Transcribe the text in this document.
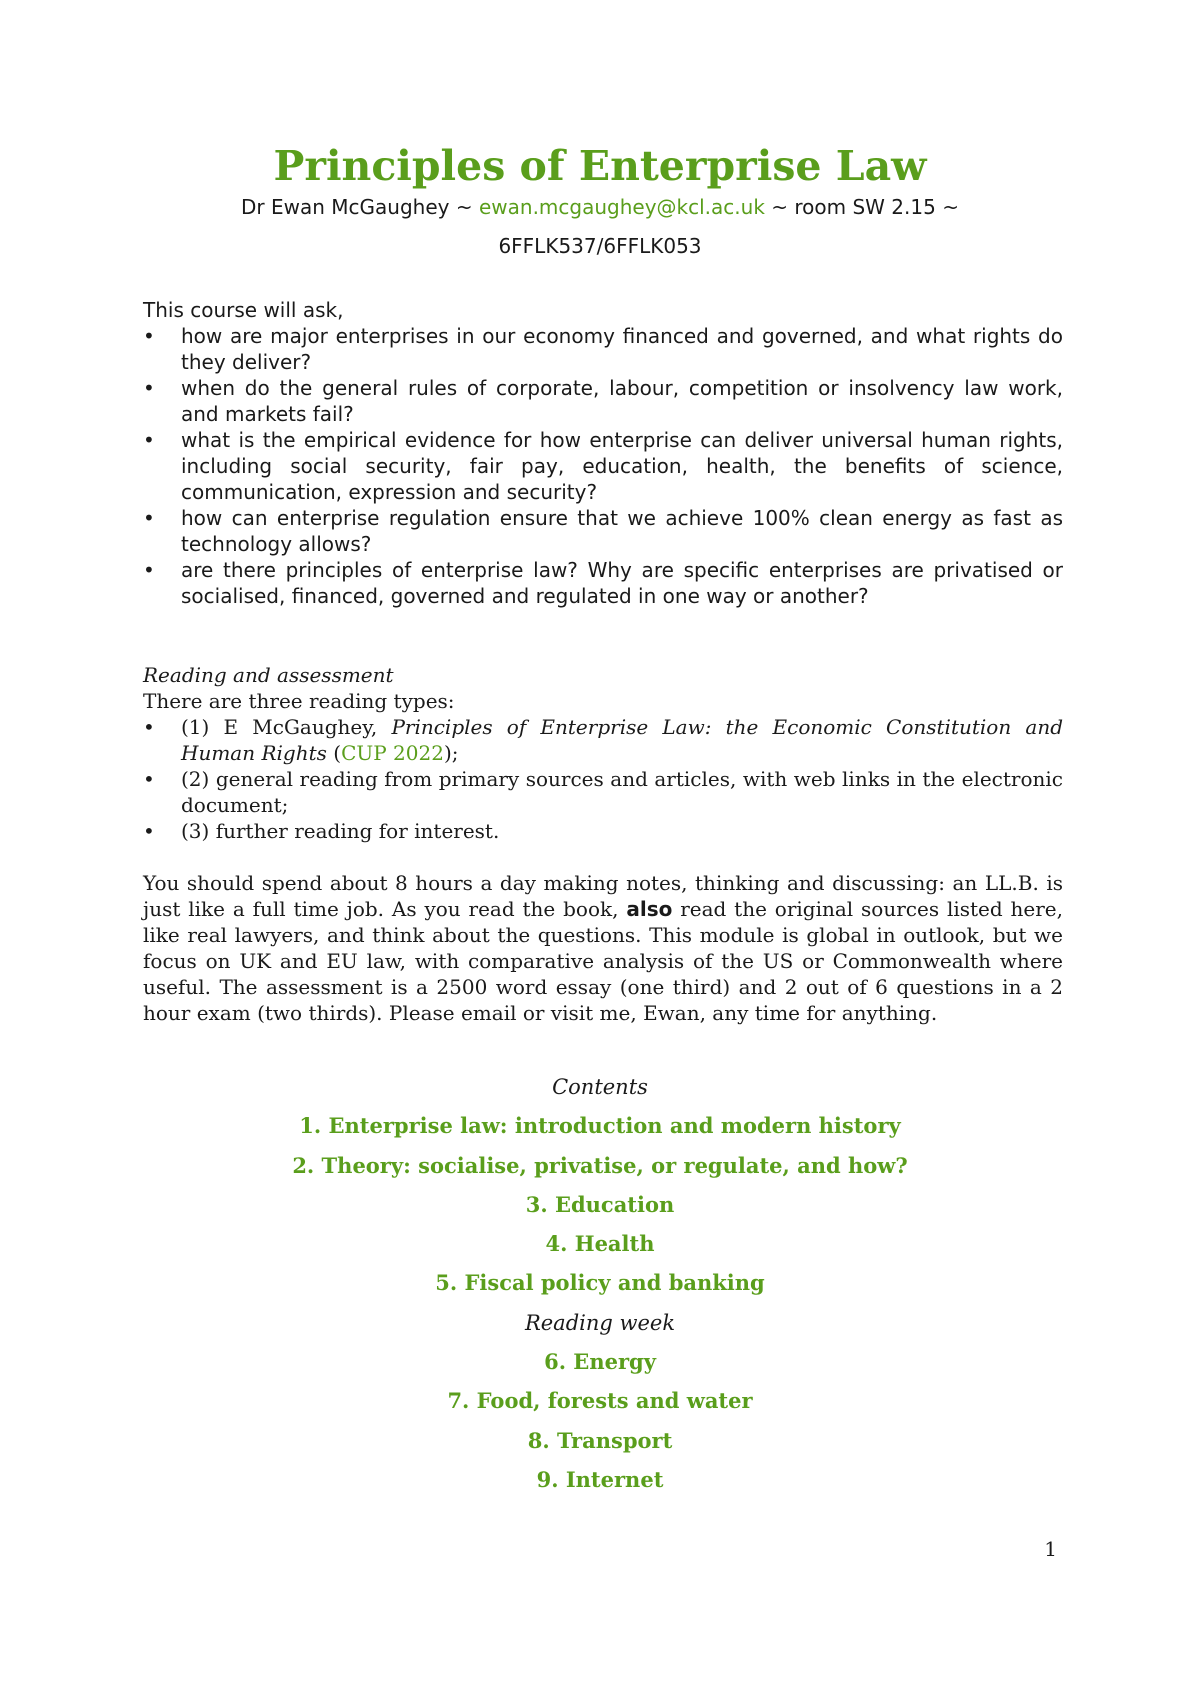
Principles of Enterprise Law
Dr Ewan McGaughey ~ ewan.mcgaughey@kcl.ac.uk ~ room SW 2.15 ~
6FFLK537/6FFLK053
This course will ask,
• how are major enterprises in our economy financed and governed, and what rights do they deliver?
• when do the general rules of corporate, labour, competition or insolvency law work, and markets fail?
• what is the empirical evidence for how enterprise can deliver universal human rights, including social security, fair pay, education, health, the benefits of science, communication, expression and security?
• how can enterprise regulation ensure that we achieve 100% clean energy as fast as technology allows?
• are there principles of enterprise law? Why are specific enterprises are privatised or socialised, financed, governed and regulated in one way or another?
Reading and assessment
There are three reading types:
• (1) E McGaughey, Principles of Enterprise Law: the Economic Constitution and Human Rights (CUP 2022);
• (2) general reading from primary sources and articles, with web links in the electronic document;
• (3) further reading for interest.
You should spend about 8 hours a day making notes, thinking and discussing: an LL.B. is just like a full time job. As you read the book, also read the original sources listed here, like real lawyers, and think about the questions. This module is global in outlook, but we focus on UK and EU law, with comparative analysis of the US or Commonwealth where useful. The assessment is a 2500 word essay (one third) and 2 out of 6 questions in a 2 hour exam (two thirds). Please email or visit me, Ewan, any time for anything.
Contents
1. Enterprise law: introduction and modern history
2. Theory: socialise, privatise, or regulate, and how?
3. Education
4. Health
5. Fiscal policy and banking
Reading week
6. Energy
7. Food, forests and water
8. Transport
9. Internet
1
